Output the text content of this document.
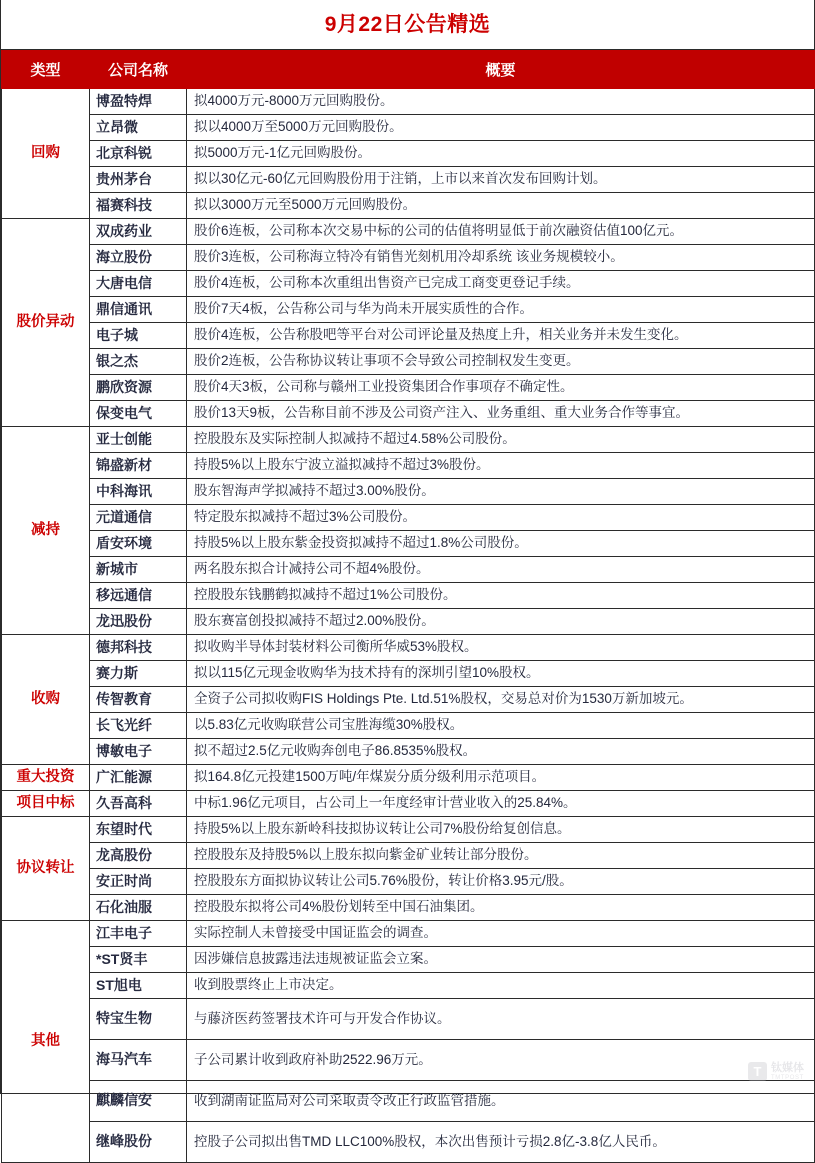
9月22日公告精选
类型	公司名称	概要
回购	博盈特焊	拟4000万元-8000万元回购股份。
	立昂微	拟以4000万至5000万元回购股份。
	北京科锐	拟5000万元-1亿元回购股份。
	贵州茅台	拟以30亿元-60亿元回购股份用于注销，上市以来首次发布回购计划。
	福赛科技	拟以3000万元至5000万元回购股份。
股价异动	双成药业	股价6连板，公司称本次交易中标的公司的估值将明显低于前次融资估值100亿元。
	海立股份	股价3连板，公司称海立特冷有销售光刻机用冷却系统 该业务规模较小。
	大唐电信	股价4连板，公司称本次重组出售资产已完成工商变更登记手续。
	鼎信通讯	股价7天4板，公告称公司与华为尚未开展实质性的合作。
	电子城	股价4连板，公告称股吧等平台对公司评论量及热度上升，相关业务并未发生变化。
	银之杰	股价2连板，公告称协议转让事项不会导致公司控制权发生变更。
	鹏欣资源	股价4天3板，公司称与赣州工业投资集团合作事项存不确定性。
	保变电气	股价13天9板，公告称目前不涉及公司资产注入、业务重组、重大业务合作等事宜。
减持	亚士创能	控股股东及实际控制人拟减持不超过4.58%公司股份。
	锦盛新材	持股5%以上股东宁波立溢拟减持不超过3%股份。
	中科海讯	股东智海声学拟减持不超过3.00%股份。
	元道通信	特定股东拟减持不超过3%公司股份。
	盾安环境	持股5%以上股东紫金投资拟减持不超过1.8%公司股份。
	新城市	两名股东拟合计减持公司不超4%股份。
	移远通信	控股股东钱鹏鹤拟减持不超过1%公司股份。
	龙迅股份	股东赛富创投拟减持不超过2.00%股份。
收购	德邦科技	拟收购半导体封装材料公司衡所华威53%股权。
	赛力斯	拟以115亿元现金收购华为技术持有的深圳引望10%股权。
	传智教育	全资子公司拟收购FIS Holdings Pte. Ltd.51%股权，交易总对价为1530万新加坡元。
	长飞光纤	以5.83亿元收购联营公司宝胜海缆30%股权。
	博敏电子	拟不超过2.5亿元收购奔创电子86.8535%股权。
重大投资	广汇能源	拟164.8亿元投建1500万吨/年煤炭分质分级利用示范项目。
项目中标	久吾高科	中标1.96亿元项目，占公司上一年度经审计营业收入的25.84%。
协议转让	东望时代	持股5%以上股东新岭科技拟协议转让公司7%股份给复创信息。
	龙高股份	控股股东及持股5%以上股东拟向紫金矿业转让部分股份。
	安正时尚	控股股东方面拟协议转让公司5.76%股份，转让价格3.95元/股。
	石化油服	控股股东拟将公司4%股份划转至中国石油集团。
其他	江丰电子	实际控制人未曾接受中国证监会的调查。
	*ST贤丰	因涉嫌信息披露违法违规被证监会立案。
	ST旭电	收到股票终止上市决定。
	特宝生物	与藤济医药签署技术许可与开发合作协议。
	海马汽车	子公司累计收到政府补助2522.96万元。
	麒麟信安	收到湖南证监局对公司采取责令改正行政监管措施。
	继峰股份	控股子公司拟出售TMD LLC100%股权，本次出售预计亏损2.8亿-3.8亿人民币。
T 钛媒体
TMTPOST
